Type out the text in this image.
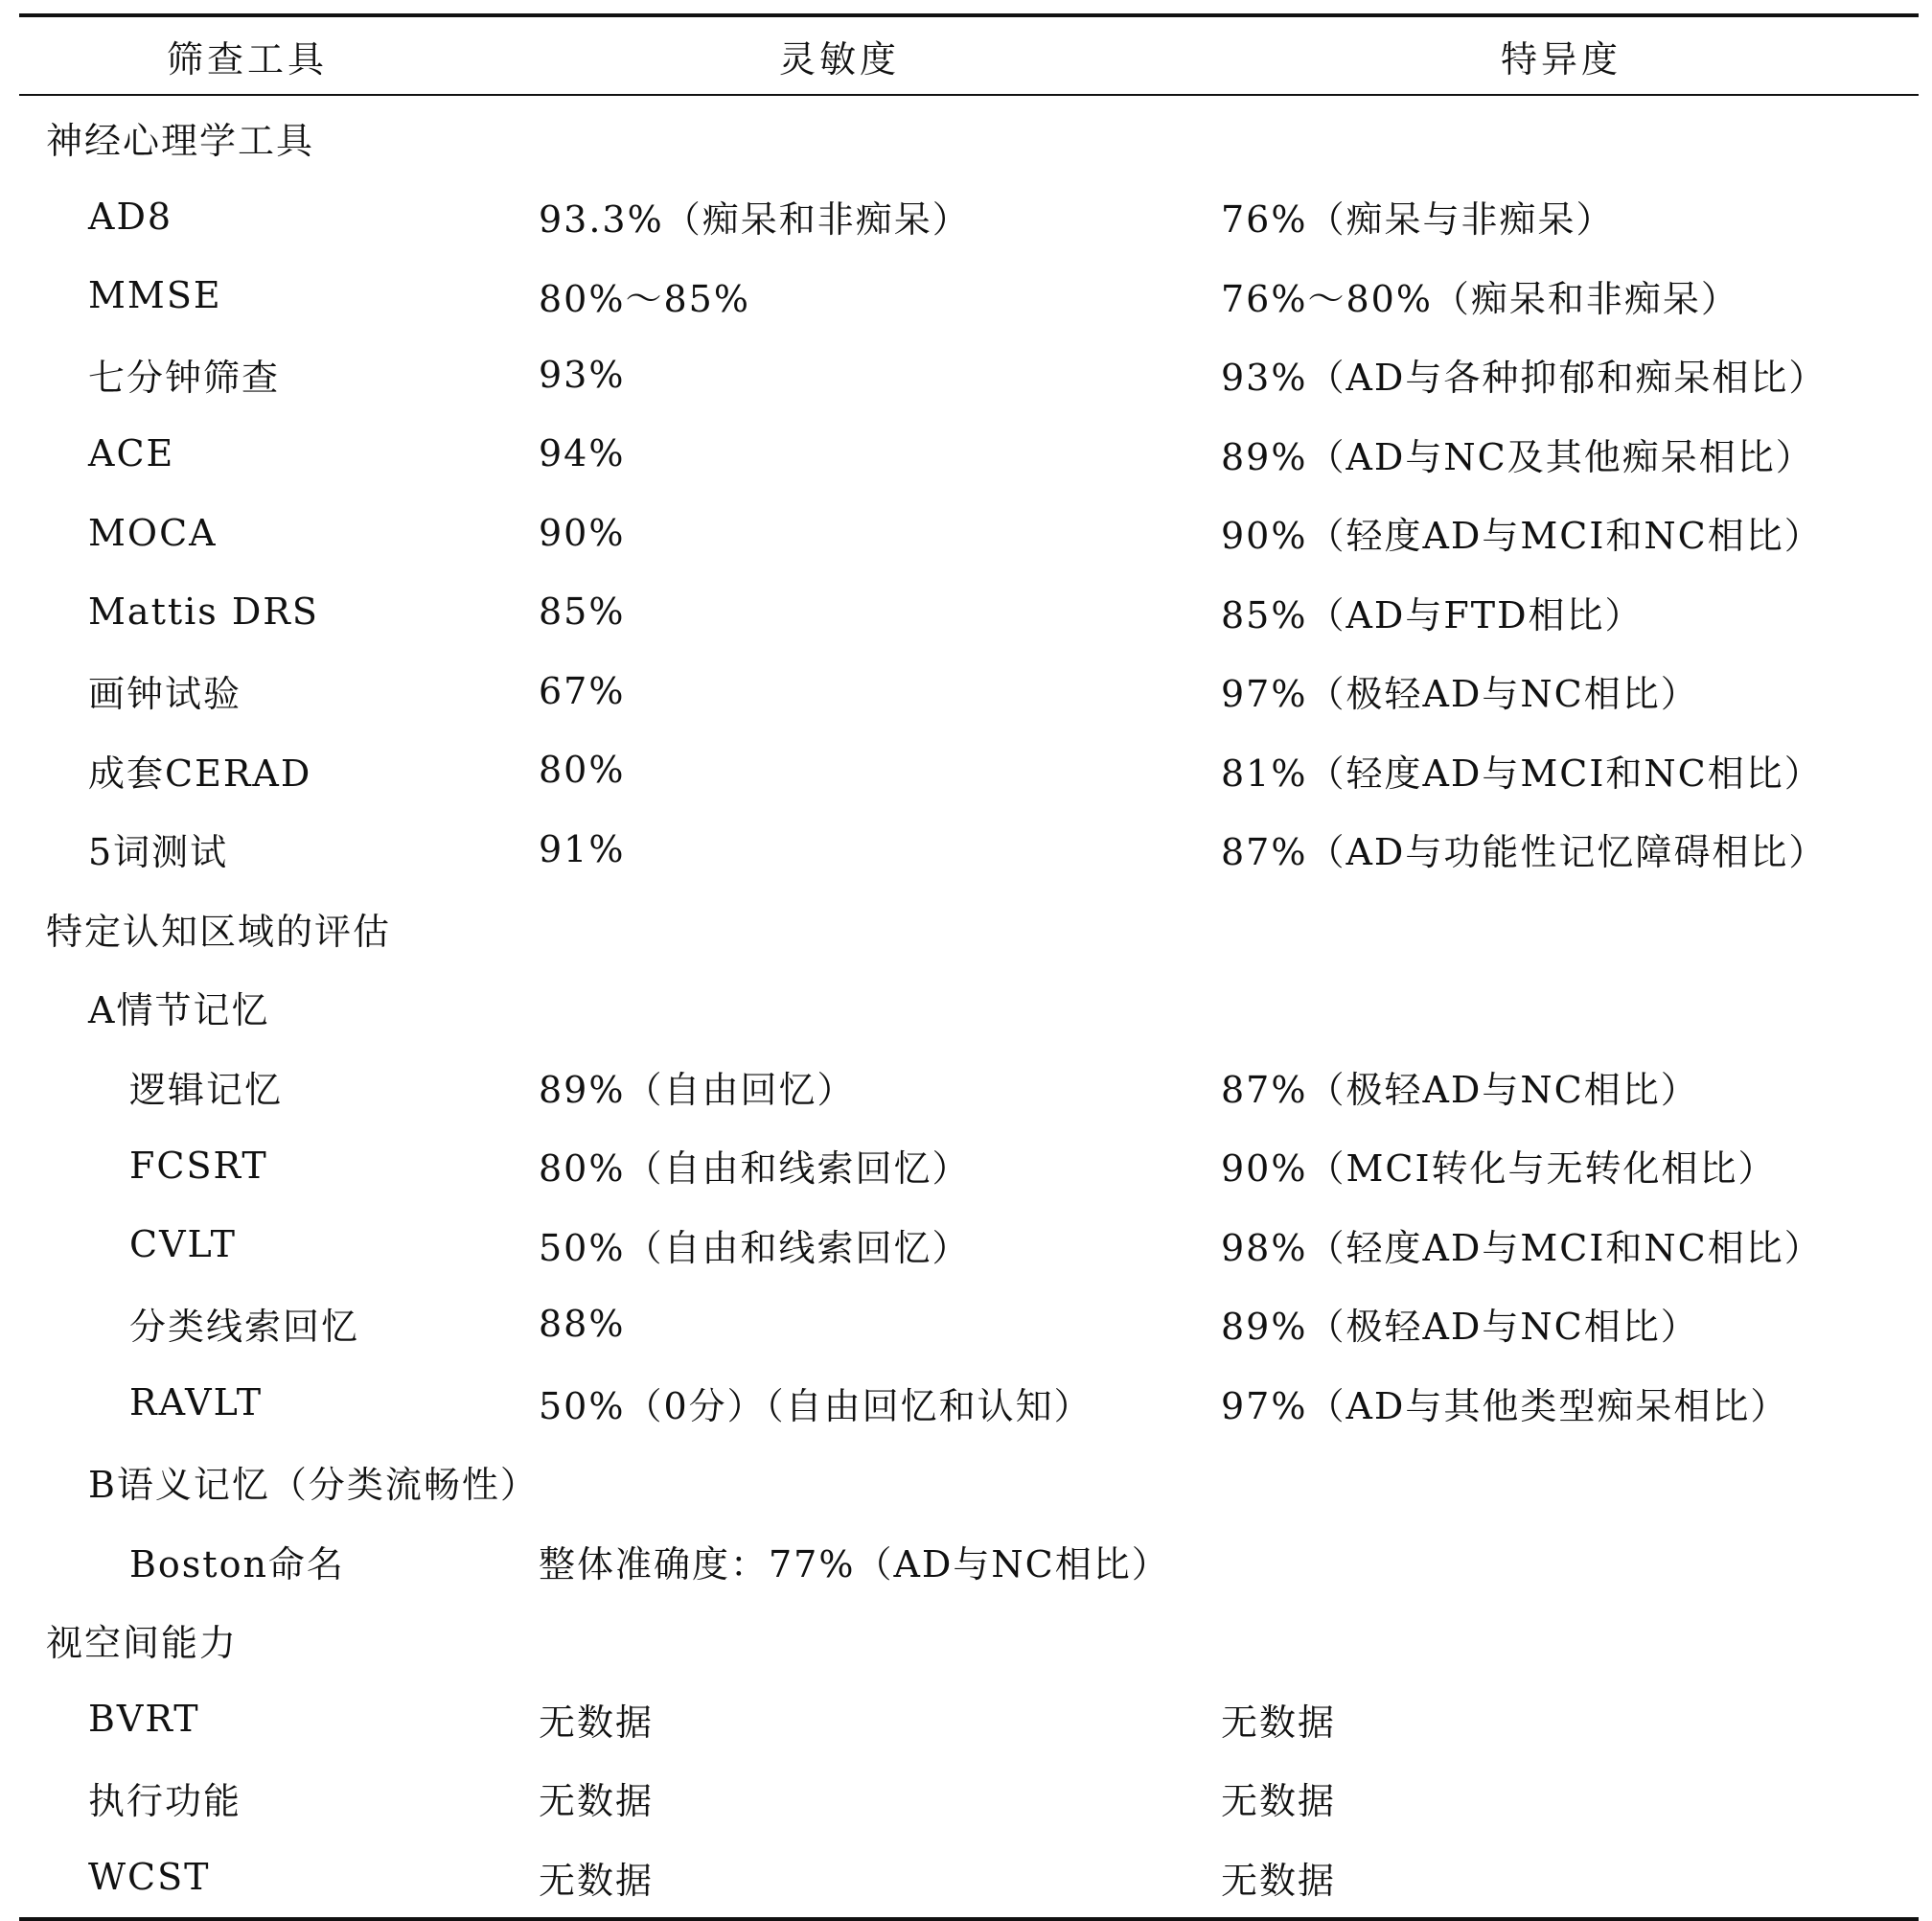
筛查工具	灵敏度	特异度
神经心理学工具
AD8	93.3%（痴呆和非痴呆）	76%（痴呆与非痴呆）
MMSE	80%～85%	76%～80%（痴呆和非痴呆）
七分钟筛查	93%	93%（AD与各种抑郁和痴呆相比）
ACE	94%	89%（AD与NC及其他痴呆相比）
MOCA	90%	90%（轻度AD与MCI和NC相比）
Mattis DRS	85%	85%（AD与FTD相比）
画钟试验	67%	97%（极轻AD与NC相比）
成套CERAD	80%	81%（轻度AD与MCI和NC相比）
5词测试	91%	87%（AD与功能性记忆障碍相比）
特定认知区域的评估
A情节记忆
逻辑记忆	89%（自由回忆）	87%（极轻AD与NC相比）
FCSRT	80%（自由和线索回忆）	90%（MCI转化与无转化相比）
CVLT	50%（自由和线索回忆）	98%（轻度AD与MCI和NC相比）
分类线索回忆	88%	89%（极轻AD与NC相比）
RAVLT	50%（0分）（自由回忆和认知）	97%（AD与其他类型痴呆相比）
B语义记忆（分类流畅性）
Boston命名	整体准确度：77%（AD与NC相比）
视空间能力
BVRT	无数据	无数据
执行功能	无数据	无数据
WCST	无数据	无数据
